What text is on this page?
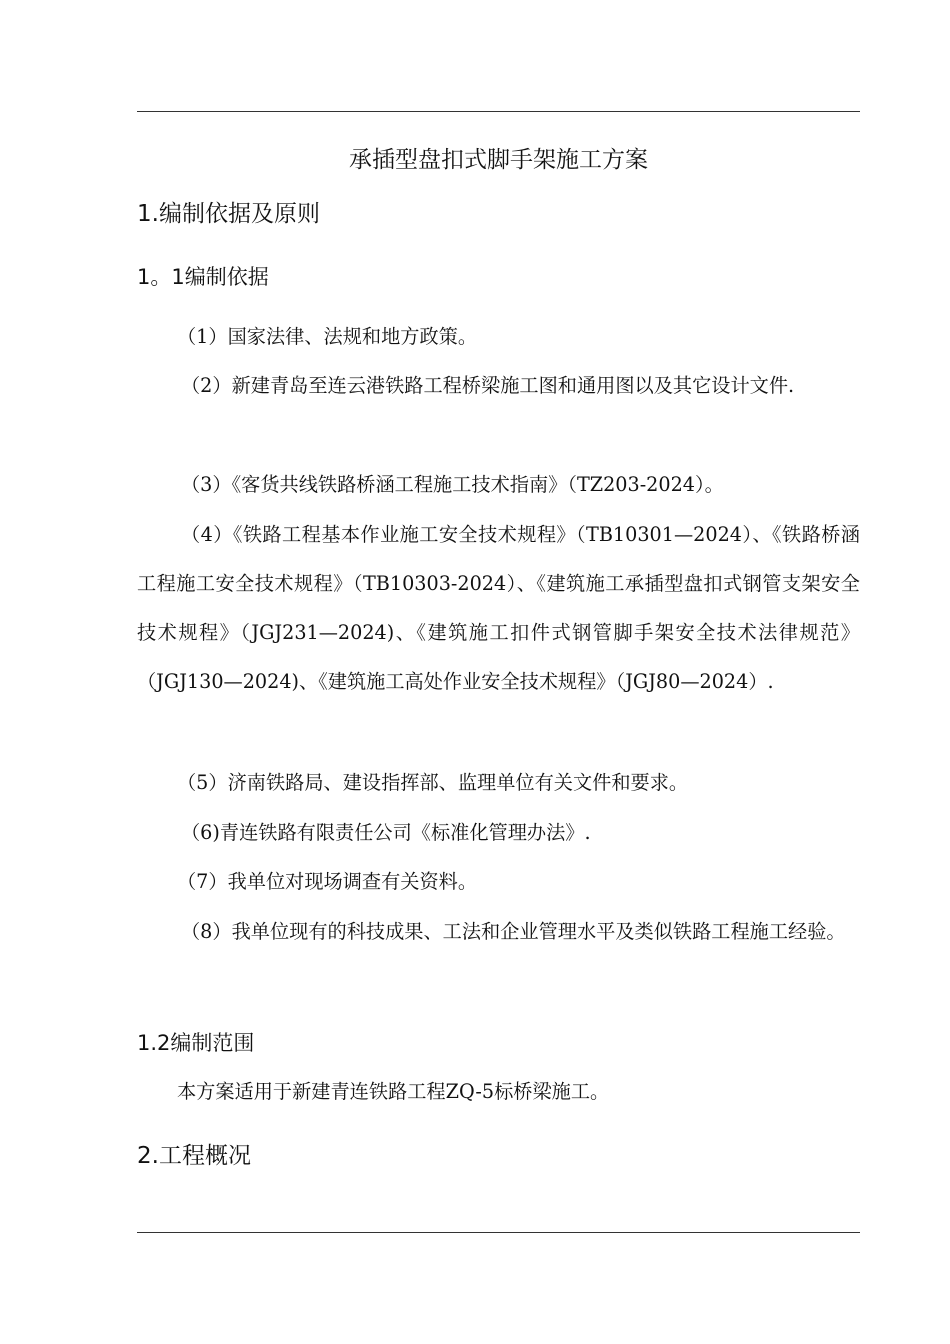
承插型盘扣式脚手架施工方案
1.编制依据及原则
1。1编制依据

（1）国家法律、法规和地方政策。

（2）新建青岛至连云港铁路工程桥梁施工图和通用图以及其它设计文件.

（3）《客货共线铁路桥涵工程施工技术指南》（TZ203-2024）。

（4）《铁路工程基本作业施工安全技术规程》（TB10301—2024）、《铁路桥涵工程施工安全技术规程》（TB10303-2024）、《建筑施工承插型盘扣式钢管支架安全技术规程》（JGJ231—2024)、《建筑施工扣件式钢管脚手架安全技术法律规范》（JGJ130—2024)、《建筑施工高处作业安全技术规程》（JGJ80—2024）.

（5）济南铁路局、建设指挥部、监理单位有关文件和要求。

（6)青连铁路有限责任公司《标准化管理办法》.

（7）我单位对现场调查有关资料。

（8）我单位现有的科技成果、工法和企业管理水平及类似铁路工程施工经验。

1.2编制范围

本方案适用于新建青连铁路工程ZQ-5标桥梁施工。

2.工程概况
